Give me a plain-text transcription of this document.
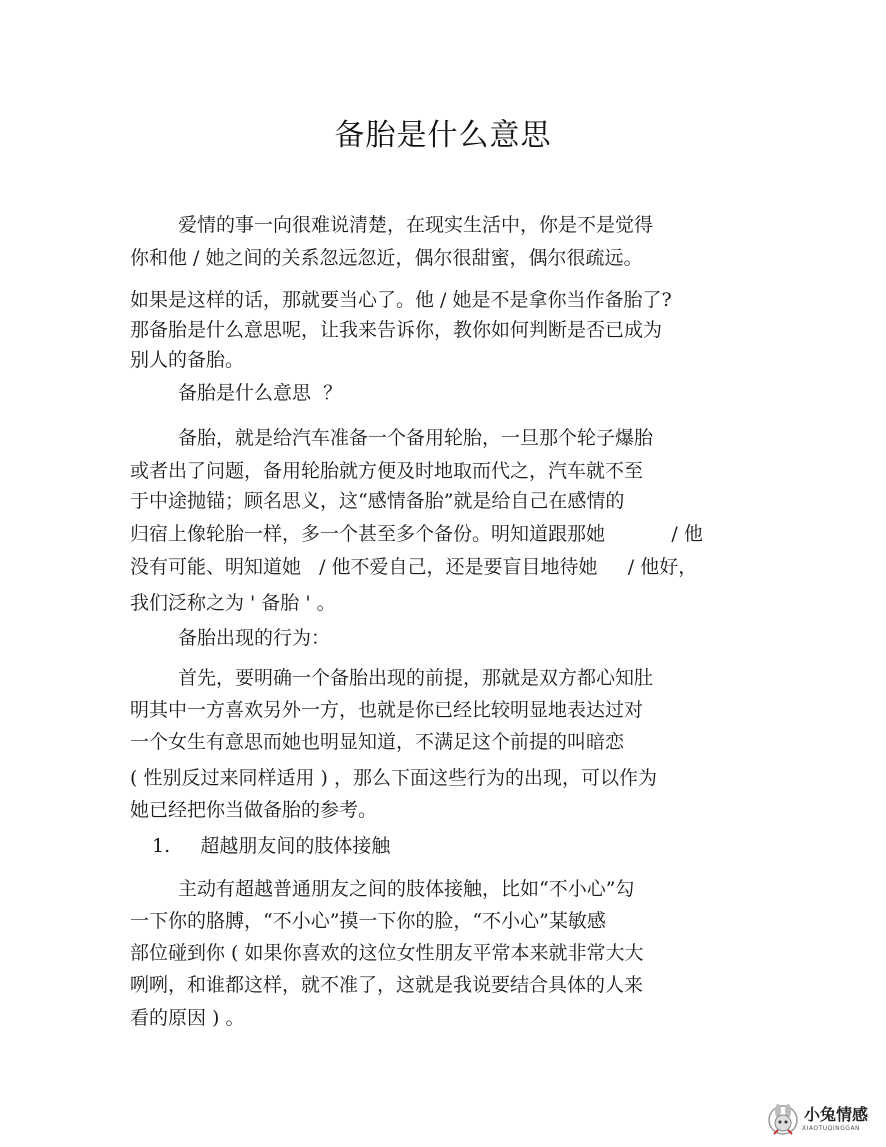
备胎是什么意思
爱情的事一向很难说清楚，在现实生活中，你是不是觉得
你和他 / 她之间的关系忽远忽近，偶尔很甜蜜，偶尔很疏远。
如果是这样的话，那就要当心了。他 / 她是不是拿你当作备胎了?
那备胎是什么意思呢，让我来告诉你，教你如何判断是否已成为
别人的备胎。
备胎是什么意思  ？
备胎，就是给汽车准备一个备用轮胎，一旦那个轮子爆胎
或者出了问题，备用轮胎就方便及时地取而代之，汽车就不至
于中途抛锚；顾名思义，这“感情备胎”就是给自己在感情的
归宿上像轮胎一样，多一个甚至多个备份。明知道跟那她           / 他
没有可能、明知道她   / 他不爱自己，还是要盲目地待她     / 他好，
我们泛称之为 ' 备胎 ' 。
备胎出现的行为：
首先，要明确一个备胎出现的前提，那就是双方都心知肚
明其中一方喜欢另外一方，也就是你已经比较明显地表达过对
一个女生有意思而她也明显知道，不满足这个前提的叫暗恋
( 性别反过来同样适用 ) ，那么下面这些行为的出现，可以作为
她已经把你当做备胎的参考。
1.     超越朋友间的肢体接触
主动有超越普通朋友之间的肢体接触，比如“不小心”勾
一下你的胳膊，“不小心”摸一下你的脸，“不小心”某敏感
部位碰到你 ( 如果你喜欢的这位女性朋友平常本来就非常大大
咧咧，和谁都这样，就不准了，这就是我说要结合具体的人来
看的原因 ) 。
小兔情感
XIAOTUQINGGAN
